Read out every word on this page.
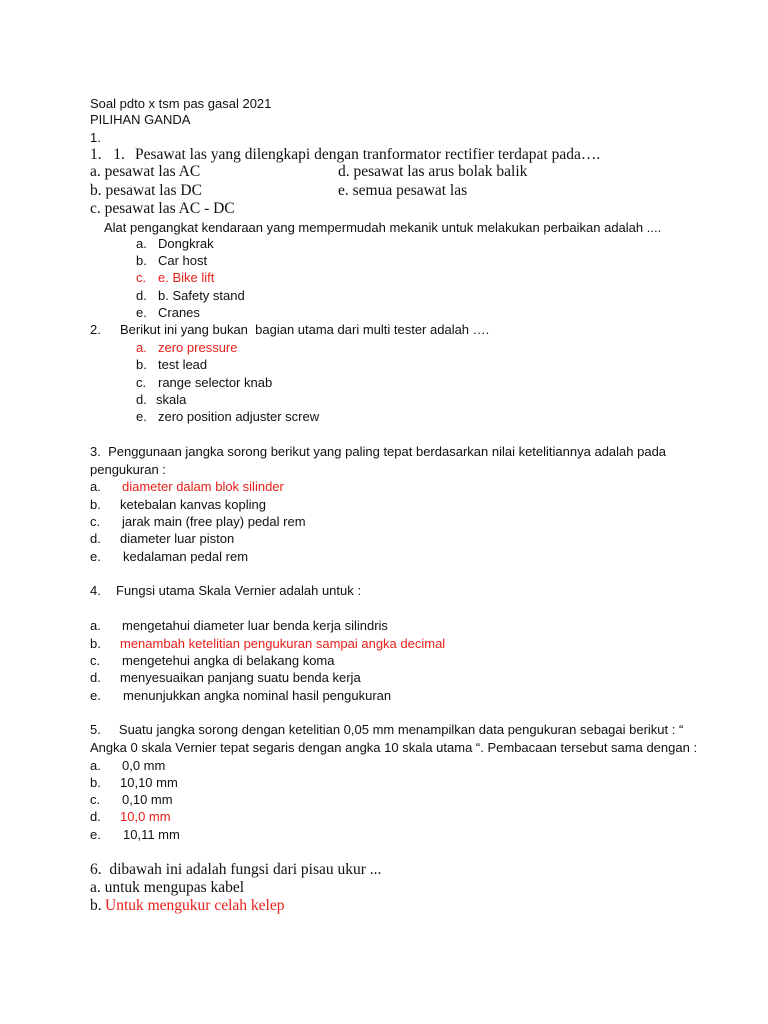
Soal pdto x tsm pas gasal 2021
PILIHAN GANDA
1.
1.   1. Pesawat las yang dilengkapi dengan tranformator rectifier terdapat pada….
a. pesawat las AC	d. pesawat las arus bolak balik
b. pesawat las DC	e. semua pesawat las
c. pesawat las AC - DC
Alat pengangkat kendaraan yang mempermudah mekanik untuk melakukan perbaikan adalah ....
a. Dongkrak
b. Car host
c. e. Bike lift
d. b. Safety stand
e. Cranes
2. Berikut ini yang bukan  bagian utama dari multi tester adalah ….
a. zero pressure
b. test lead
c. range selector knab
d. skala
e. zero position adjuster screw
3.  Penggunaan jangka sorong berikut yang paling tepat berdasarkan nilai ketelitiannya adalah pada
pengukuran :
a. diameter dalam blok silinder
b. ketebalan kanvas kopling
c. jarak main (free play) pedal rem
d. diameter luar piston
e. kedalaman pedal rem
4. Fungsi utama Skala Vernier adalah untuk :
a. mengetahui diameter luar benda kerja silindris
b. menambah ketelitian pengukuran sampai angka decimal
c. mengetehui angka di belakang koma
d. menyesuaikan panjang suatu benda kerja
e. menunjukkan angka nominal hasil pengukuran
5.     Suatu jangka sorong dengan ketelitian 0,05 mm menampilkan data pengukuran sebagai berikut : “
Angka 0 skala Vernier tepat segaris dengan angka 10 skala utama “. Pembacaan tersebut sama dengan :
a. 0,0 mm
b. 10,10 mm
c. 0,10 mm
d. 10,0 mm
e. 10,11 mm
6.  dibawah ini adalah fungsi dari pisau ukur ...
a. untuk mengupas kabel
b. Untuk mengukur celah kelep
